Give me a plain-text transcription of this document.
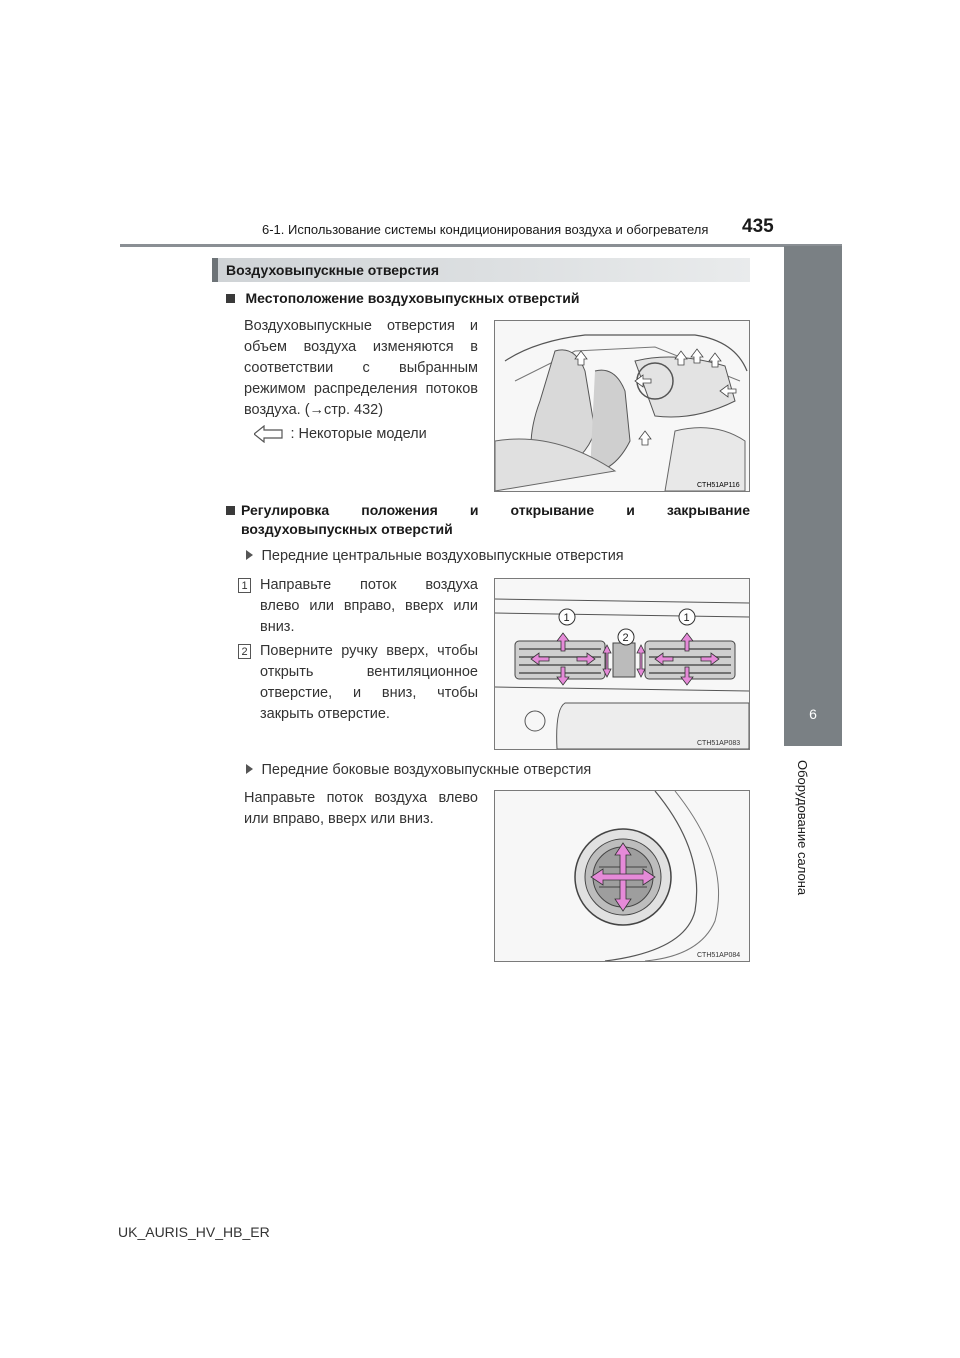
6-1. Использование системы кондиционирования воздуха и обогревателя 435
6
Оборудование салона
Воздуховыпускные отверстия
Местоположение воздуховыпускных отверстий
Воздуховыпускные отверстия и
объем воздуха изменяются в
соответствии с выбранным
режимом распределения потоков
воздуха. (→стр. 432)
: Некоторые модели
CTH51AP116
Регулировка положения и открывание и закрывание
воздуховыпускных отверстий
Передние центральные воздуховыпускные отверстия
1 Направьте поток воздуха
влево или вправо, вверх или
вниз.
2 Поверните ручку вверх, чтобы
открыть вентиляционное
отверстие, и вниз, чтобы
закрыть отверстие.
1
2
1
CTH51AP083
Передние боковые воздуховыпускные отверстия
Направьте поток воздуха влево
или вправо, вверх или вниз.
CTH51AP084
UK_AURIS_HV_HB_ER
